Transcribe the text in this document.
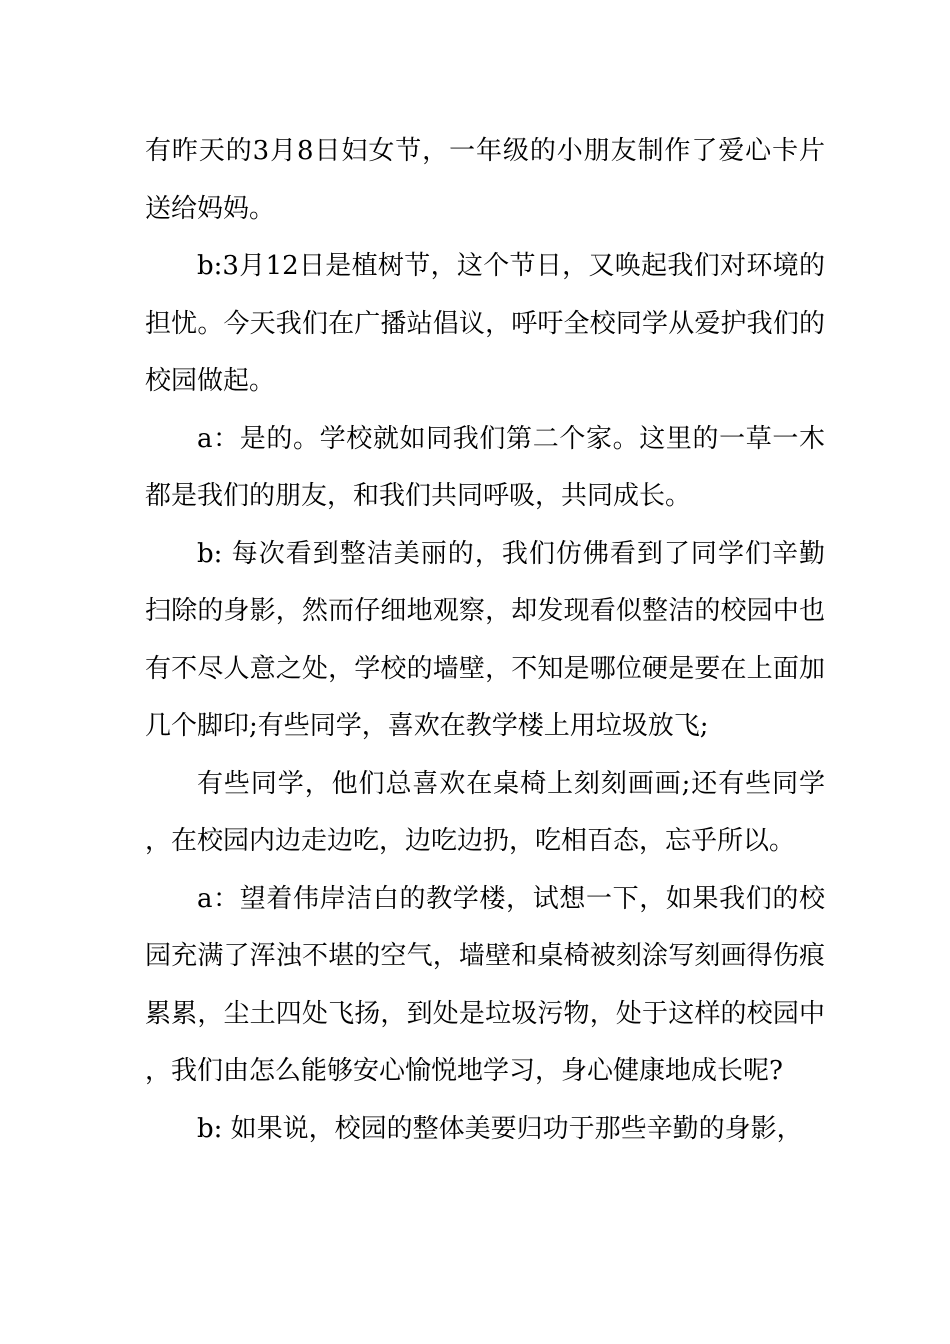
有昨天的3月8日妇女节，一年级的小朋友制作了爱心卡片送给妈妈。

b:3月12日是植树节，这个节日，又唤起我们对环境的担忧。今天我们在广播站倡议，呼吁全校同学从爱护我们的校园做起。

a：是的。学校就如同我们第二个家。这里的一草一木都是我们的朋友，和我们共同呼吸，共同成长。

b: 每次看到整洁美丽的，我们仿佛看到了同学们辛勤扫除的身影，然而仔细地观察，却发现看似整洁的校园中也有不尽人意之处，学校的墙壁，不知是哪位硬是要在上面加几个脚印;有些同学，喜欢在教学楼上用垃圾放飞;

有些同学，他们总喜欢在桌椅上刻刻画画;还有些同学，在校园内边走边吃，边吃边扔，吃相百态，忘乎所以。

a：望着伟岸洁白的教学楼，试想一下，如果我们的校园充满了浑浊不堪的空气，墙壁和桌椅被刻涂写刻画得伤痕累累，尘土四处飞扬，到处是垃圾污物，处于这样的校园中，我们由怎么能够安心愉悦地学习，身心健康地成长呢?

b: 如果说，校园的整体美要归功于那些辛勤的身影，
